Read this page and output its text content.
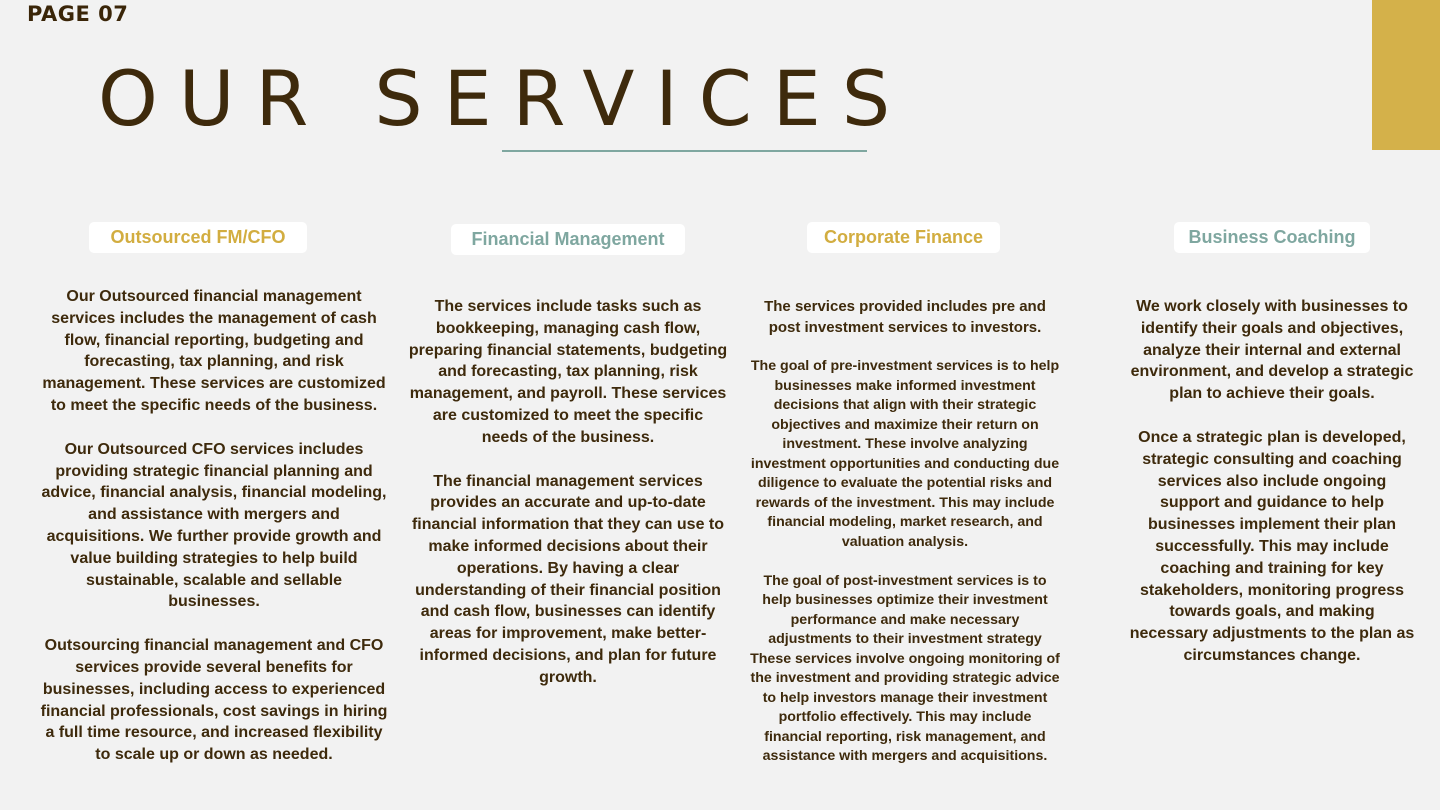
PAGE 07
OUR SERVICES
Outsourced FM/CFO

Our Outsourced financial management services includes the management of cash flow, financial reporting, budgeting and forecasting, tax planning, and risk management. These services are customized to meet the specific needs of the business.

Our Outsourced CFO services includes providing strategic financial planning and advice, financial analysis, financial modeling, and assistance with mergers and acquisitions. We further provide growth and value building strategies to help build sustainable, scalable and sellable businesses.

Outsourcing financial management and CFO services provide several benefits for businesses, including access to experienced financial professionals, cost savings in hiring a full time resource, and increased flexibility to scale up or down as needed.

Financial Management

The services include tasks such as bookkeeping, managing cash flow, preparing financial statements, budgeting and forecasting, tax planning, risk management, and payroll. These services are customized to meet the specific needs of the business.

The financial management services provides an accurate and up-to-date financial information that they can use to make informed decisions about their operations. By having a clear understanding of their financial position and cash flow, businesses can identify areas for improvement, make better-informed decisions, and plan for future growth.

Corporate Finance

The services provided includes pre and post investment services to investors.

The goal of pre-investment services is to help businesses make informed investment decisions that align with their strategic objectives and maximize their return on investment. These involve analyzing investment opportunities and conducting due diligence to evaluate the potential risks and rewards of the investment. This may include financial modeling, market research, and valuation analysis.

The goal of post-investment services is to help businesses optimize their investment performance and make necessary adjustments to their investment strategy These services involve ongoing monitoring of the investment and providing strategic advice to help investors manage their investment portfolio effectively. This may include financial reporting, risk management, and assistance with mergers and acquisitions.

Business Coaching

We work closely with businesses to identify their goals and objectives, analyze their internal and external environment, and develop a strategic plan to achieve their goals.

Once a strategic plan is developed, strategic consulting and coaching services also include ongoing support and guidance to help businesses implement their plan successfully. This may include coaching and training for key stakeholders, monitoring progress towards goals, and making necessary adjustments to the plan as circumstances change.
